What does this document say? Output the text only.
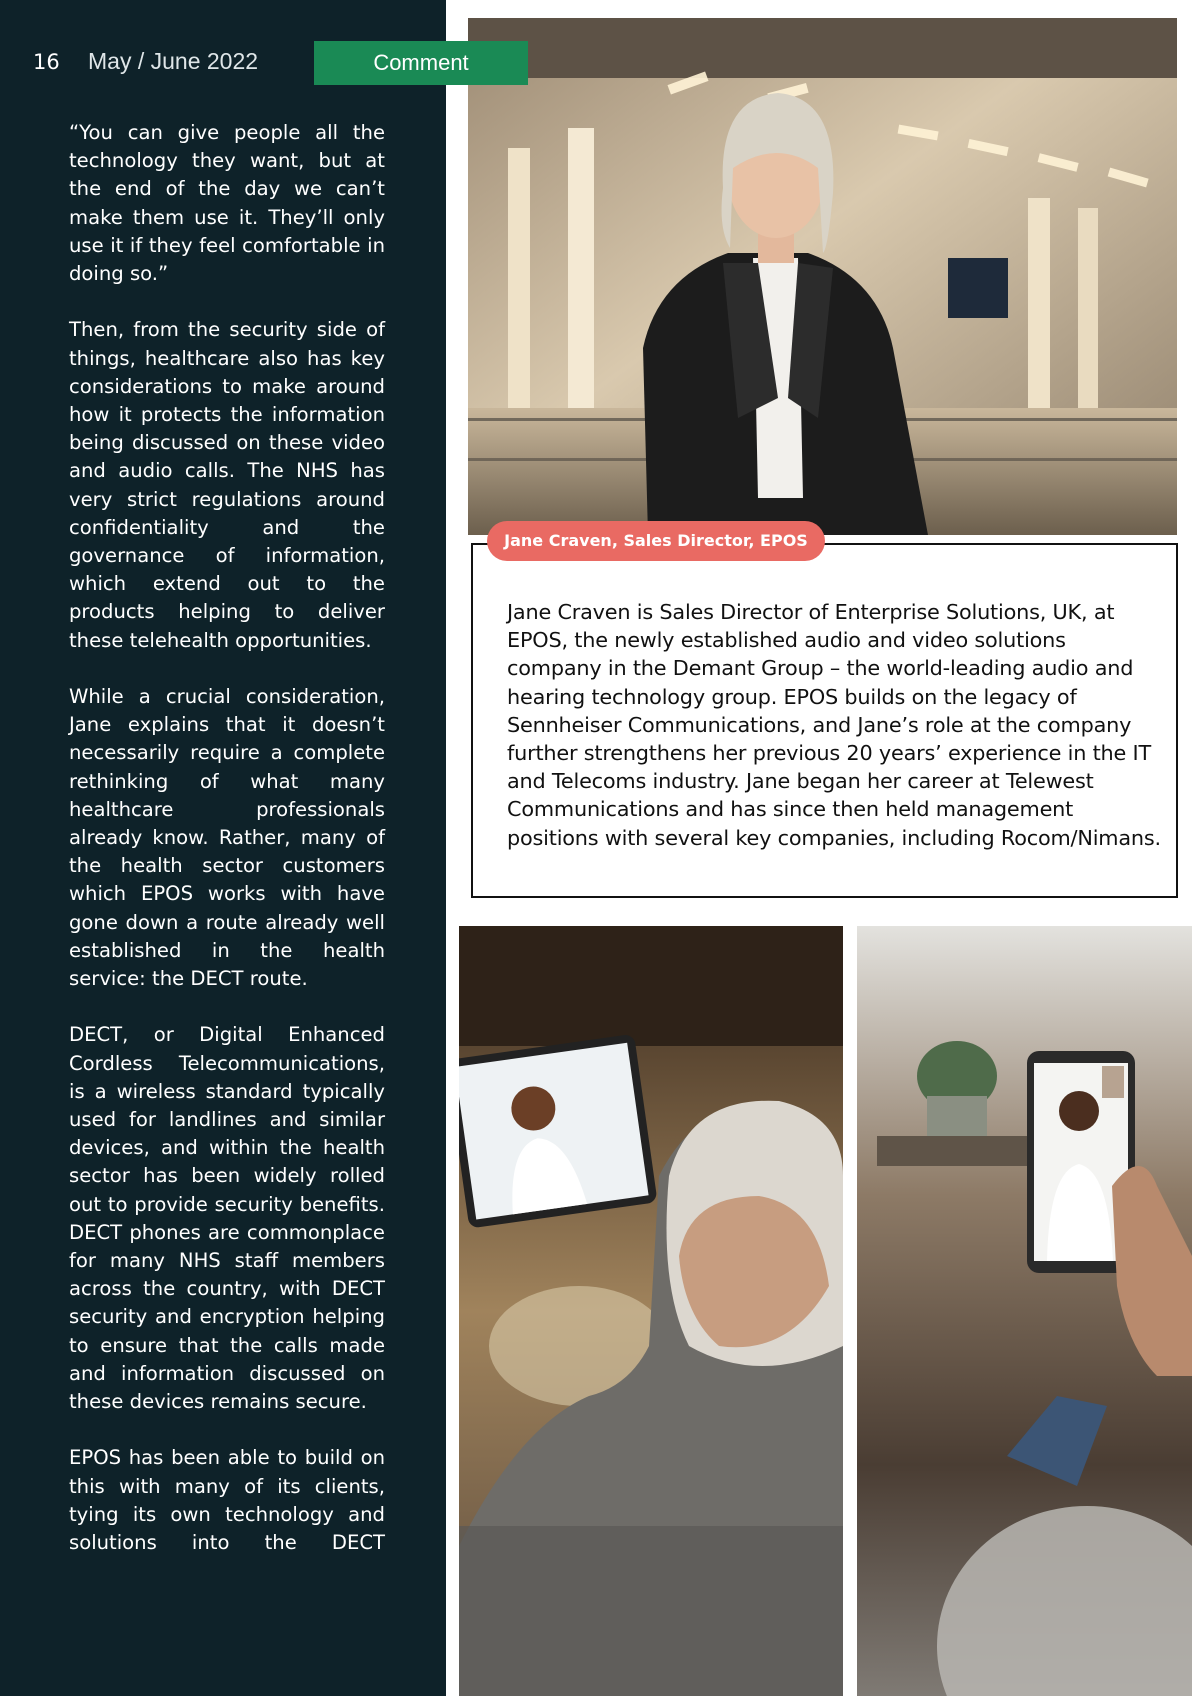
16 May / June 2022	Comment

“You can give people all the technology they want, but at the end of the day we can’t make them use it. They’ll only use it if they feel comfortable in doing so.”

Then, from the security side of things, healthcare also has key considerations to make around how it protects the information being discussed on these video and audio calls. The NHS has very strict regulations around confidentiality and the governance of information, which extend out to the products helping to deliver these telehealth opportunities.

While a crucial consideration, Jane explains that it doesn’t necessarily require a complete rethinking of what many healthcare professionals already know. Rather, many of the health sector customers which EPOS works with have gone down a route already well established in the health service: the DECT route.

DECT, or Digital Enhanced Cordless Telecommunications, is a wireless standard typically used for landlines and similar devices, and within the health sector has been widely rolled out to provide security benefits. DECT phones are commonplace for many NHS staff members across the country, with DECT security and encryption helping to ensure that the calls made and information discussed on these devices remains secure.

EPOS has been able to build on this with many of its clients, tying its own technology and solutions into the DECT

Jane Craven, Sales Director, EPOS

Jane Craven is Sales Director of Enterprise Solutions, UK, at EPOS, the newly established audio and video solutions company in the Demant Group – the world-leading audio and hearing technology group. EPOS builds on the legacy of Sennheiser Communications, and Jane’s role at the company further strengthens her previous 20 years’ experience in the IT and Telecoms industry. Jane began her career at Telewest Communications and has since then held management positions with several key companies, including Rocom/Nimans.
